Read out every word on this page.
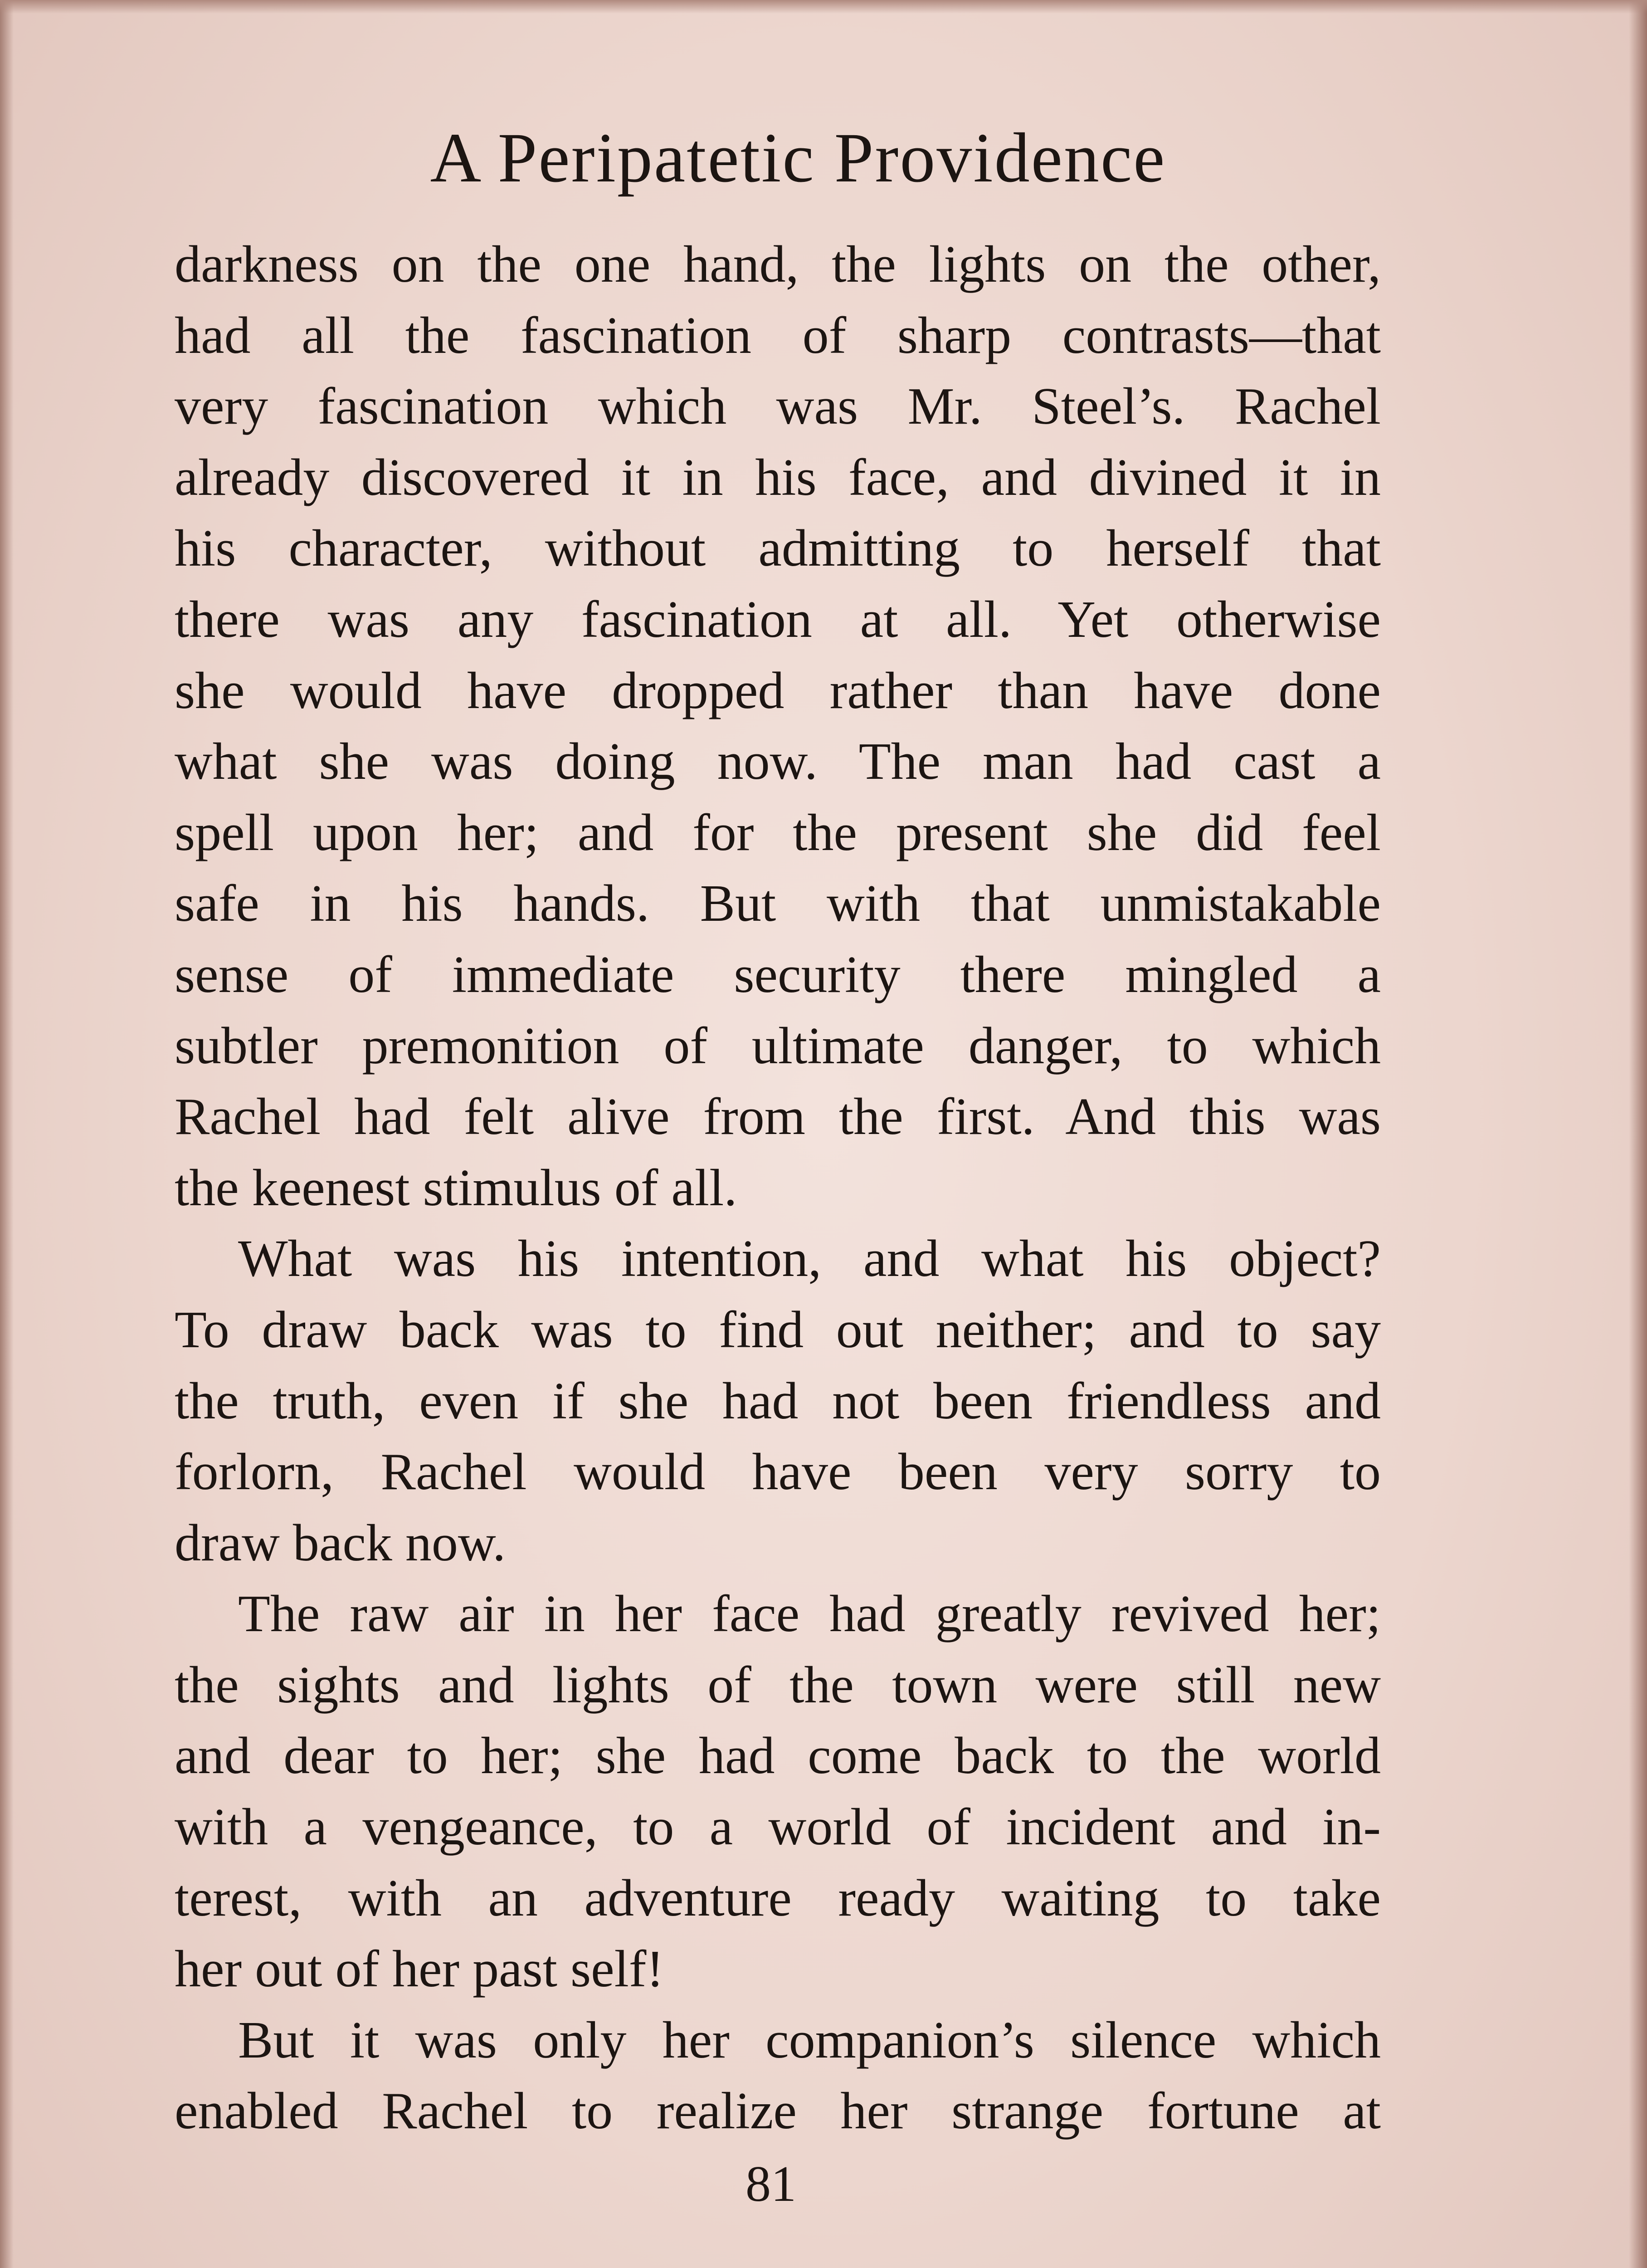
A Peripatetic Providence
darkness on the one hand, the lights on the other,
had all the fascination of sharp contrasts—that
very fascination which was Mr. Steel’s. Rachel
already discovered it in his face, and divined it in
his character, without admitting to herself that
there was any fascination at all. Yet otherwise
she would have dropped rather than have done
what she was doing now. The man had cast a
spell upon her; and for the present she did feel
safe in his hands. But with that unmistakable
sense of immediate security there mingled a
subtler premonition of ultimate danger, to which
Rachel had felt alive from the first. And this was
the keenest stimulus of all.
What was his intention, and what his object?
To draw back was to find out neither; and to say
the truth, even if she had not been friendless and
forlorn, Rachel would have been very sorry to
draw back now.
The raw air in her face had greatly revived her;
the sights and lights of the town were still new
and dear to her; she had come back to the world
with a vengeance, to a world of incident and in-
terest, with an adventure ready waiting to take
her out of her past self!
But it was only her companion’s silence which
enabled Rachel to realize her strange fortune at
81
